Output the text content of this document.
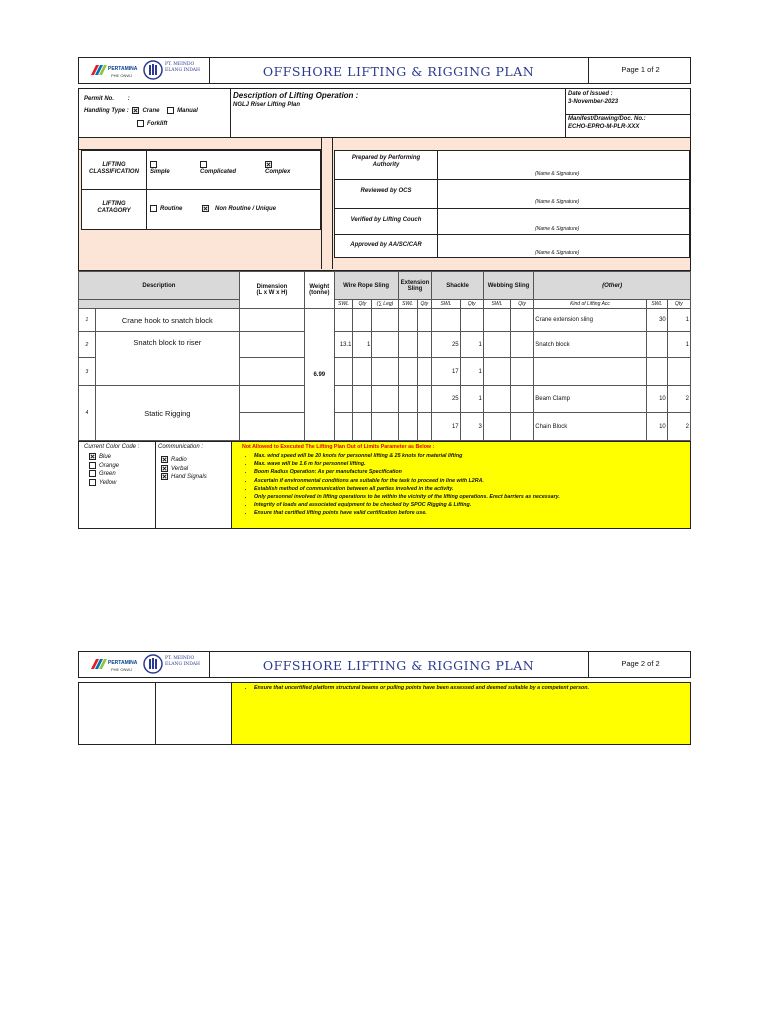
PERTAMINA
PHE ONWJ
PT. MEINDO
ELANG INDAH	OFFSHORE LIFTING & RIGGING PLAN	Page 1 of 2
Permit No. :
Handling Type : Crane	Manual
Forklift
Description of Lifting Operation :
NGLJ Riser Lifting Plan
Date of Issued :
3-November-2023
Manifest/Drawing/Doc. No.:
ECHO-EPRO-M-PLR-XXX
LIFTING CLASSIFICATION	Simple	Complicated	Complex
LIFTING CATAGORY	Routine	Non Routine / Unique
Prepared by Performing Authority
(Name & Signature)
Reviewed by OCS
(Name & Signature)
Verified by Lifting Couch
(Name & Signature)
Approved by AA/SC/CAR
(Name & Signature)
Description		Dimension
(L x W x H)	Weight
(tonne)	Wire Rope Sling			Extension
Sling		Shackle		Webbing Sling		(Other)		
				SWL	Qty	(∑ Leg)	SWL	Qty	SWL	Qty	SWL	Qty	Kind of Lifting Acc	SWL	Qty
1	Crane hook to snatch block		6.99										Crane extension sling	30	1
2	Snatch block to riser			13.1	1				25	1			Snatch block		1
3									17	1					
4	Static Rigging								25	1			Beam Clamp	10	2
									17	3			Chain Block	10	2
Current Color Code :
Blue
Orange
Green
Yellow
Communication :
Radio
Verbal
Hand Signals
Not Allowed to Executed The Lifting Plan Out of Limits Parameter as Below :
• Max. wind speed will be 20 knots for personnel lifting & 25 knots for material lifting
• Max. wave will be 1.6 m for personnel lifting.
• Boom Radius Operation: As per manufacture Specification
• Ascertain if environmental conditions are suitable for the task to proceed in line with L2RA.
• Establish method of communication between all parties involved in the activity.
• Only personnel involved in lifting operations to be within the vicinity of the lifting operations. Erect barriers as necessary.
• Integrity of loads and associated equipment to be checked by SPOC Rigging & Lifting.
• Ensure that certified lifting points have valid certification before use.
PERTAMINA
PHE ONWJ
PT. MEINDO
ELANG INDAH	OFFSHORE LIFTING & RIGGING PLAN	Page 2 of 2
• Ensure that uncertified platform structural beams or pulling points have been assessed and deemed suitable by a competent person.
